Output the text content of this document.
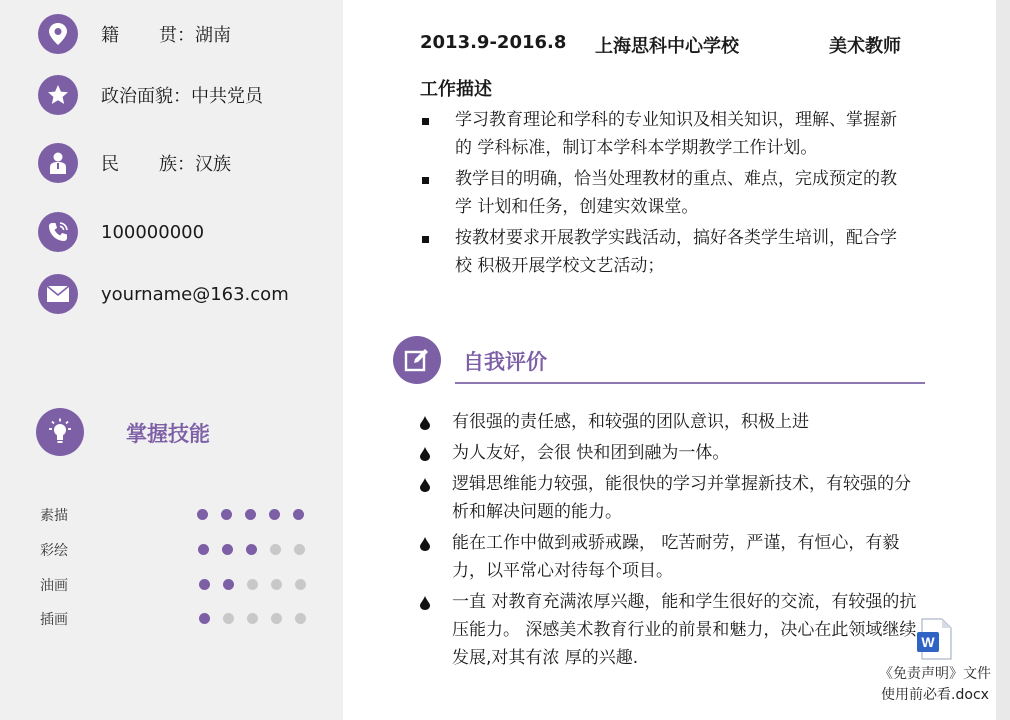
籍 贯：湖南
政治面貌：中共党员
民 族：汉族
100000000
yourname@163.com
掌握技能
素描
彩绘
油画
插画
2013.9-2016.8 上海思科中心学校	美术教师
工作描述
学习教育理论和学科的专业知识及相关知识，理解、掌握新的 学科标准，制订本学科本学期教学工作计划。
教学目的明确，恰当处理教材的重点、难点，完成预定的教学 计划和任务，创建实效课堂。
按教材要求开展教学实践活动，搞好各类学生培训，配合学校 积极开展学校文艺活动；
自我评价
有很强的责任感，和较强的团队意识，积极上进
为人友好，会很 快和团到融为一体。
逻辑思维能力较强，能很快的学习并掌握新技术，有较强的分析和解决问题的能力。
能在工作中做到戒骄戒躁， 吃苦耐劳，严谨，有恒心，有毅力，以平常心对待每个项目。
一直 对教育充满浓厚兴趣，能和学生很好的交流，有较强的抗压能力。 深感美术教育行业的前景和魅力，决心在此领域继续发展,对其有浓 厚的兴趣.
W
《免责声明》文件
使用前必看.docx
